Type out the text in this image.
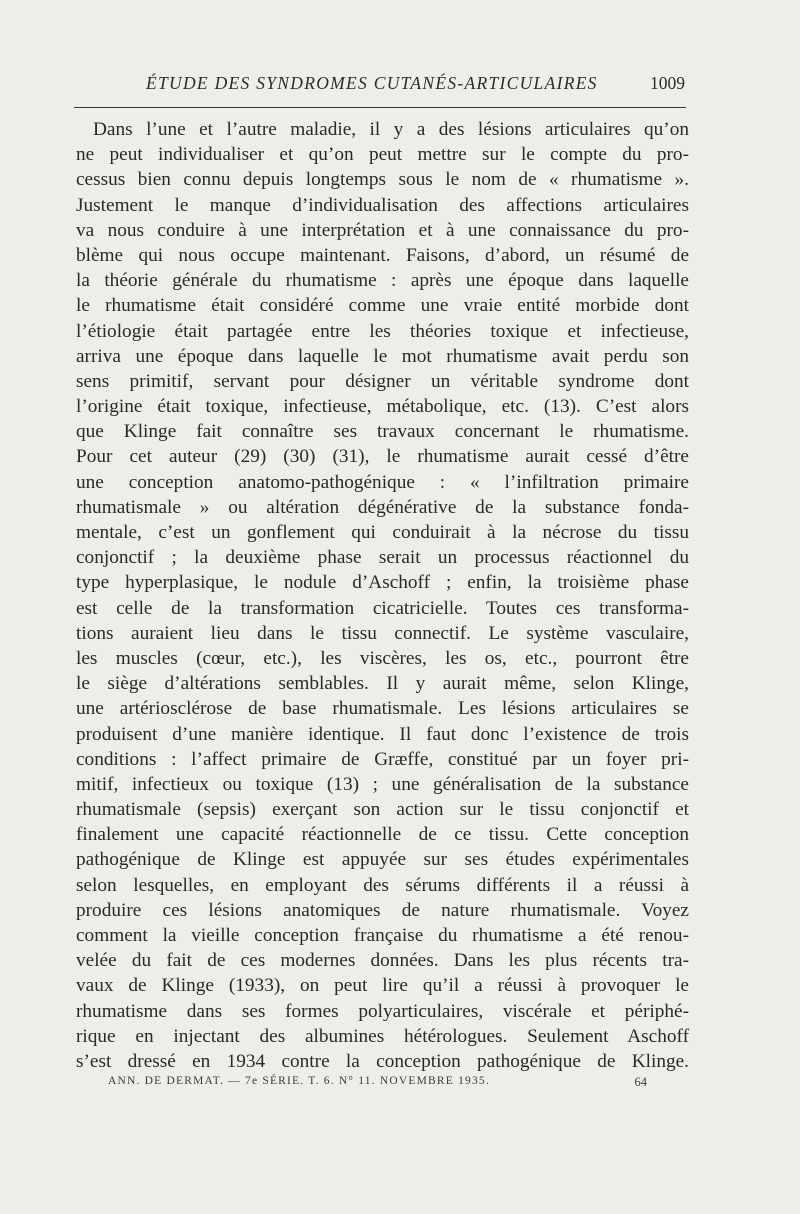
ÉTUDE DES SYNDROMES CUTANÉS-ARTICULAIRES	1009
Dans l’une et l’autre maladie, il y a des lésions articulaires qu’on
ne peut individualiser et qu’on peut mettre sur le compte du pro-
cessus bien connu depuis longtemps sous le nom de « rhumatisme ».
Justement le manque d’individualisation des affections articulaires
va nous conduire à une interprétation et à une connaissance du pro-
blème qui nous occupe maintenant. Faisons, d’abord, un résumé de
la théorie générale du rhumatisme : après une époque dans laquelle
le rhumatisme était considéré comme une vraie entité morbide dont
l’étiologie était partagée entre les théories toxique et infectieuse,
arriva une époque dans laquelle le mot rhumatisme avait perdu son
sens primitif, servant pour désigner un véritable syndrome dont
l’origine était toxique, infectieuse, métabolique, etc. (13). C’est alors
que Klinge fait connaître ses travaux concernant le rhumatisme.
Pour cet auteur (29) (30) (31), le rhumatisme aurait cessé d’être
une conception anatomo-pathogénique : « l’infiltration primaire
rhumatismale » ou altération dégénérative de la substance fonda-
mentale, c’est un gonflement qui conduirait à la nécrose du tissu
conjonctif ; la deuxième phase serait un processus réactionnel du
type hyperplasique, le nodule d’Aschoff ; enfin, la troisième phase
est celle de la transformation cicatricielle. Toutes ces transforma-
tions auraient lieu dans le tissu connectif. Le système vasculaire,
les muscles (cœur, etc.), les viscères, les os, etc., pourront être
le siège d’altérations semblables. Il y aurait même, selon Klinge,
une artériosclérose de base rhumatismale. Les lésions articulaires se
produisent d’une manière identique. Il faut donc l’existence de trois
conditions : l’affect primaire de Græffe, constitué par un foyer pri-
mitif, infectieux ou toxique (13) ; une généralisation de la substance
rhumatismale (sepsis) exerçant son action sur le tissu conjonctif et
finalement une capacité réactionnelle de ce tissu. Cette conception
pathogénique de Klinge est appuyée sur ses études expérimentales
selon lesquelles, en employant des sérums différents il a réussi à
produire ces lésions anatomiques de nature rhumatismale. Voyez
comment la vieille conception française du rhumatisme a été renou-
velée du fait de ces modernes données. Dans les plus récents tra-
vaux de Klinge (1933), on peut lire qu’il a réussi à provoquer le
rhumatisme dans ses formes polyarticulaires, viscérale et périphé-
rique en injectant des albumines hétérologues. Seulement Aschoff
s’est dressé en 1934 contre la conception pathogénique de Klinge.
ANN. DE DERMAT. — 7e SÉRIE. T. 6. N° 11. NOVEMBRE 1935.	64
